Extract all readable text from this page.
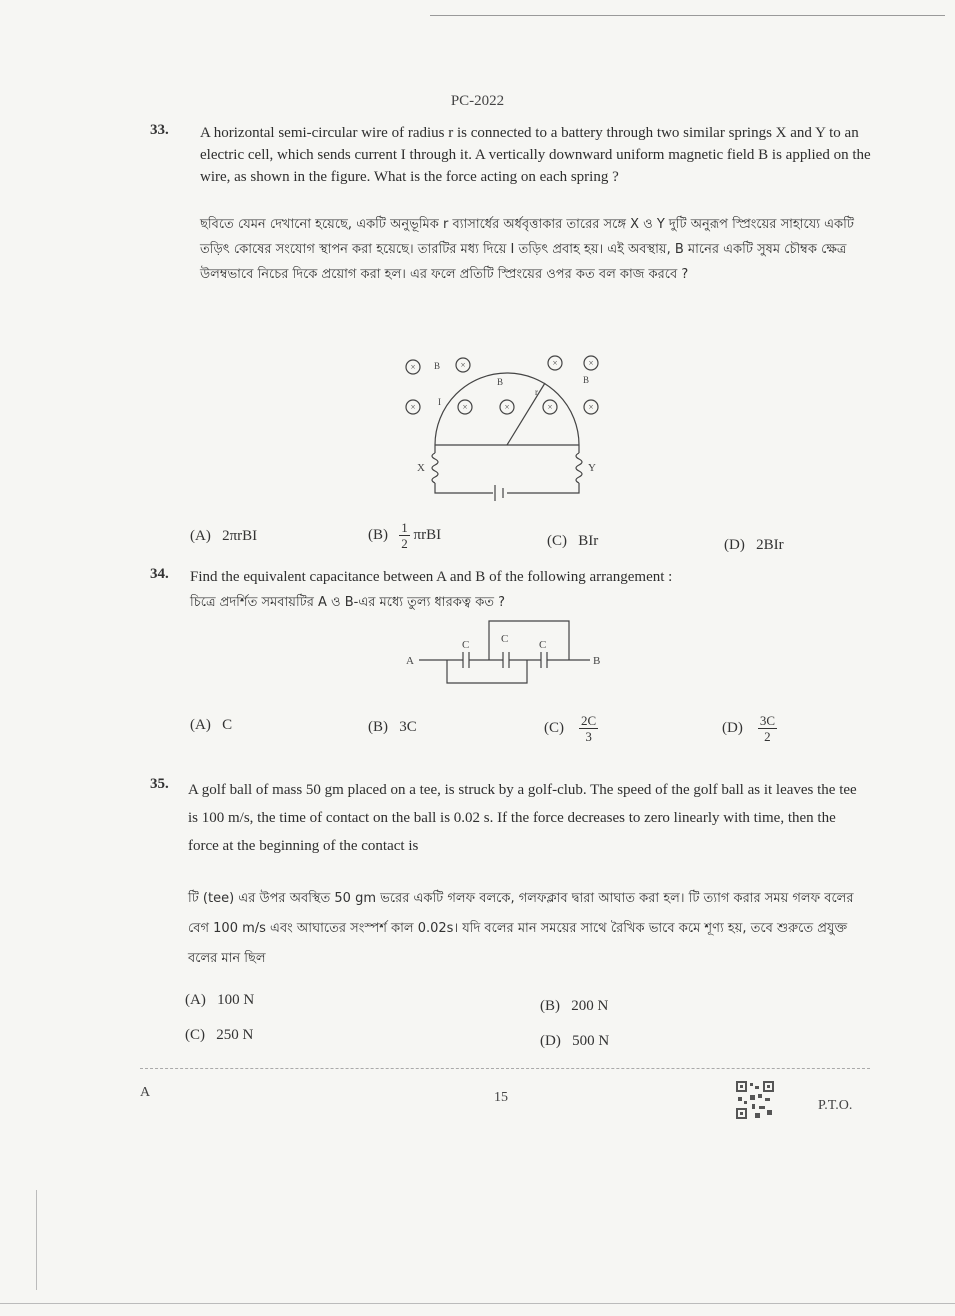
PC-2022
33. A horizontal semi-circular wire of radius r is connected to a battery through two similar springs X and Y to an electric cell, which sends current I through it. A vertically downward uniform magnetic field B is applied on the wire, as shown in the figure. What is the force acting on each spring ?
ছবিতে যেমন দেখানো হয়েছে, একটি অনুভূমিক r ব্যাসার্ধের অর্ধবৃত্তাকার তারের সঙ্গে X ও Y দুটি অনুরূপ স্প্রিংয়ের সাহায্যে একটি তড়িৎ কোষের সংযোগ স্থাপন করা হয়েছে। তারটির মধ্য দিয়ে I তড়িৎ প্রবাহ হয়। এই অবস্থায়, B মানের একটি সুষম চৌম্বক ক্ষেত্র উলম্বভাবে নিচের দিকে প্রয়োগ করা হল। এর ফলে প্রতিটি স্প্রিংয়ের ওপর কত বল কাজ করবে ?
×	×	×	×
×	×	×	×	×
B
B	B
I
r
X	Y
(A) 2πrBI	$(B) \frac{1}{2}$ πrBI	(C) BIr	(D) 2BIr
34. Find the equivalent capacitance between A and B of the following arrangement :
চিত্রে প্রদর্শিত সমবায়টির A ও B-এর মধ্যে তুল্য ধারকত্ব কত ?
A	B
C	C	C
(A) C	(B) 3C	$(C) \frac{2C}{3}$	$(D) \frac{3C}{2}$
35. A golf ball of mass 50 gm placed on a tee, is struck by a golf-club. The speed of the golf ball as it leaves the tee is 100 m/s, the time of contact on the ball is 0.02 s. If the force decreases to zero linearly with time, then the force at the beginning of the contact is
টি (tee) এর উপর অবস্থিত 50 gm ভরের একটি গলফ বলকে, গলফক্লাব দ্বারা আঘাত করা হল। টি ত্যাগ করার সময় গলফ বলের বেগ 100 m/s এবং আঘাতের সংস্পর্শ কাল 0.02s। যদি বলের মান সময়ের সাথে রৈখিক ভাবে কমে শূণ্য হয়, তবে শুরুতে প্রযুক্ত বলের মান ছিল
(A) 100 N	(B) 200 N
(C) 250 N	(D) 500 N
A	15
P.T.O.
